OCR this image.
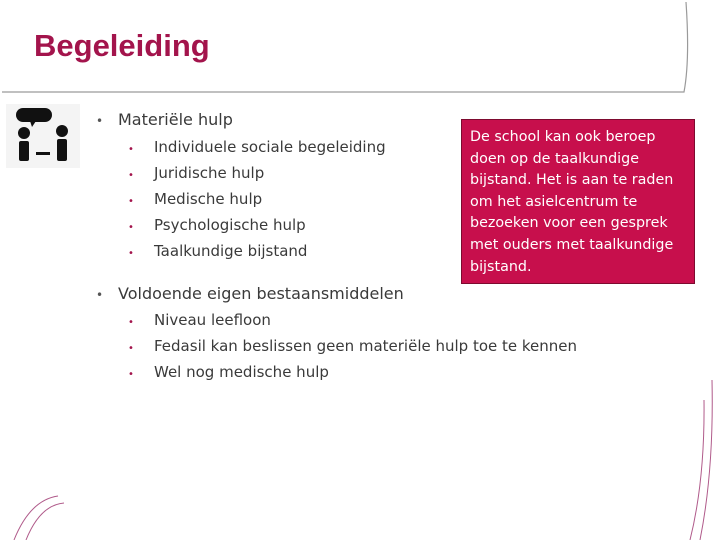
Begeleiding
• Materiële hulp
• Individuele sociale begeleiding
• Juridische hulp
• Medische hulp
• Psychologische hulp
• Taalkundige bijstand
• Voldoende eigen bestaansmiddelen
• Niveau leefloon
• Fedasil kan beslissen geen materiële hulp toe te kennen
• Wel nog medische hulp
De school kan ook beroep doen op de taalkundige bijstand. Het is aan te raden om het asielcentrum te bezoeken voor een gesprek met ouders met taalkundige bijstand.
